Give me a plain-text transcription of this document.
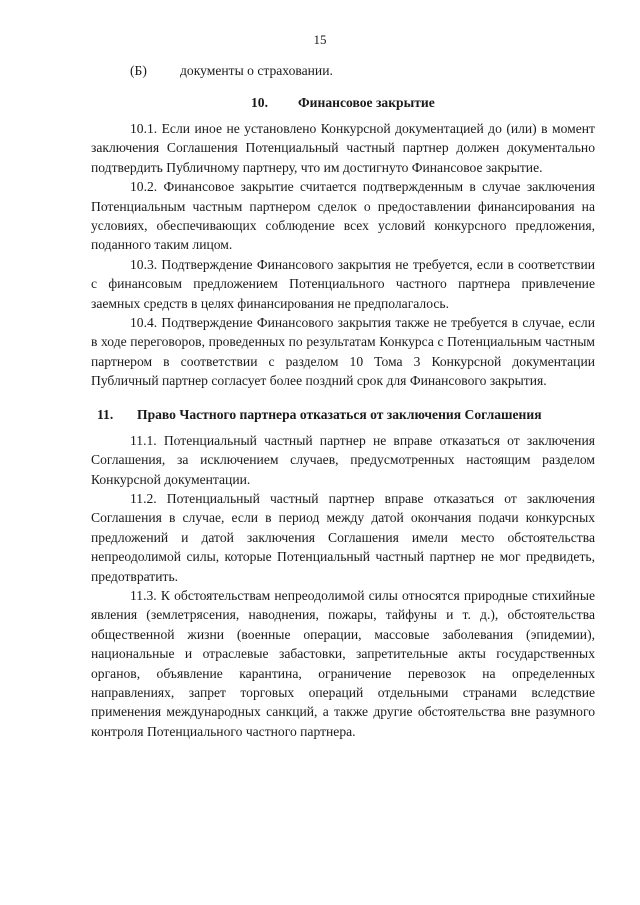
15
(Б) документы о страховании.
10. Финансовое закрытие

10.1. Если иное не установлено Конкурсной документацией до (или) в момент заключения Соглашения Потенциальный частный партнер должен документально подтвердить Публичному партнеру, что им достигнуто Финансовое закрытие.

10.2. Финансовое закрытие считается подтвержденным в случае заключения Потенциальным частным партнером сделок о предоставлении финансирования на условиях, обеспечивающих соблюдение всех условий конкурсного предложения, поданного таким лицом.

10.3. Подтверждение Финансового закрытия не требуется, если в соответствии с финансовым предложением Потенциального частного партнера привлечение заемных средств в целях финансирования не предполагалось.

10.4. Подтверждение Финансового закрытия также не требуется в случае, если в ходе переговоров, проведенных по результатам Конкурса с Потенциальным частным партнером в соответствии с разделом 10 Тома 3 Конкурсной документации Публичный партнер согласует более поздний срок для Финансового закрытия.

11. Право Частного партнера отказаться от заключения Соглашения

11.1. Потенциальный частный партнер не вправе отказаться от заключения Соглашения, за исключением случаев, предусмотренных настоящим разделом Конкурсной документации.

11.2. Потенциальный частный партнер вправе отказаться от заключения Соглашения в случае, если в период между датой окончания подачи конкурсных предложений и датой заключения Соглашения имели место обстоятельства непреодолимой силы, которые Потенциальный частный партнер не мог предвидеть, предотвратить.

11.3. К обстоятельствам непреодолимой силы относятся природные стихийные явления (землетрясения, наводнения, пожары, тайфуны и т. д.), обстоятельства общественной жизни (военные операции, массовые заболевания (эпидемии), национальные и отраслевые забастовки, запретительные акты государственных органов, объявление карантина, ограничение перевозок на определенных направлениях, запрет торговых операций отдельными странами вследствие применения международных санкций, а также другие обстоятельства вне разумного контроля Потенциального частного партнера.
